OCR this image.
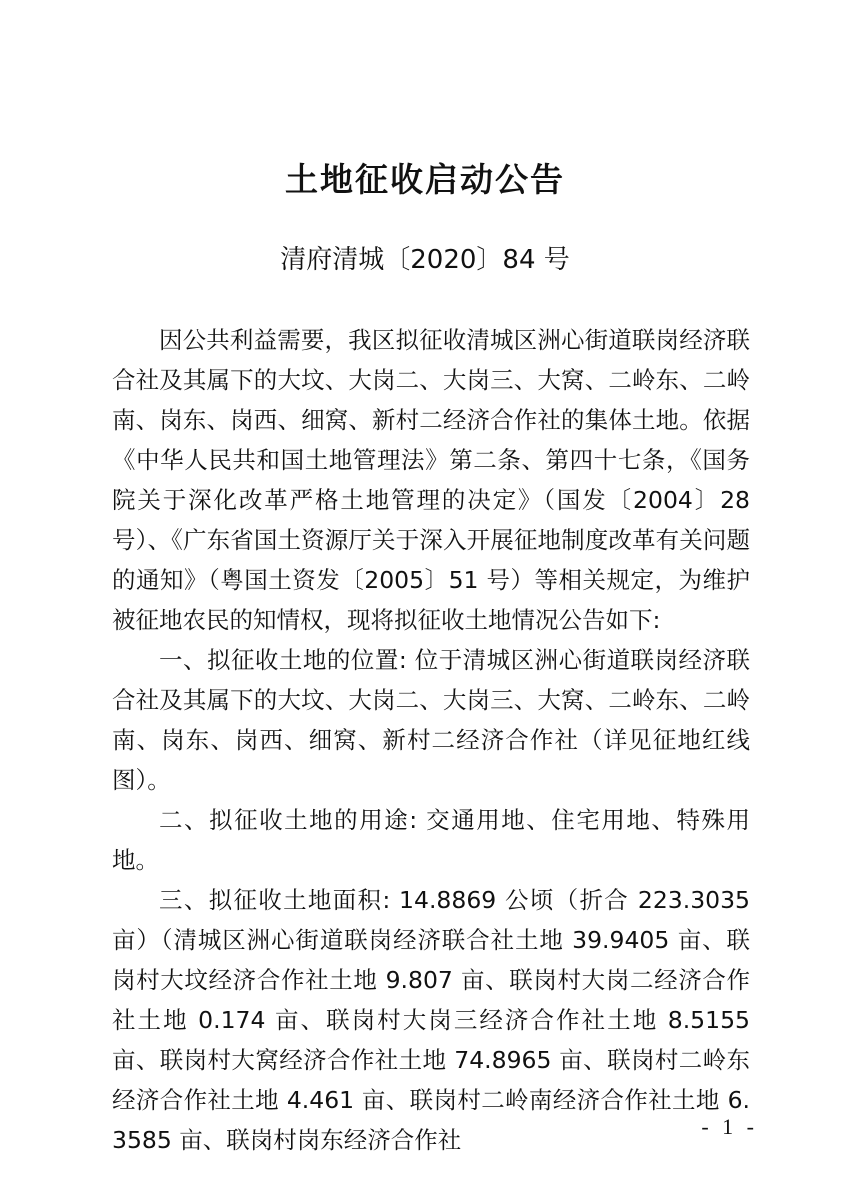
土地征收启动公告
清府清城〔2020〕84 号

因公共利益需要，我区拟征收清城区洲心街道联岗经济联合社及其属下的大坟、大岗二、大岗三、大窝、二岭东、二岭南、岗东、岗西、细窝、新村二经济合作社的集体土地。依据《中华人民共和国土地管理法》第二条、第四十七条，《国务院关于深化改革严格土地管理的决定》（国发〔2004〕28 号）、《广东省国土资源厅关于深入开展征地制度改革有关问题的通知》（粤国土资发〔2005〕51 号）等相关规定，为维护被征地农民的知情权，现将拟征收土地情况公告如下:

一、拟征收土地的位置: 位于清城区洲心街道联岗经济联合社及其属下的大坟、大岗二、大岗三、大窝、二岭东、二岭南、岗东、岗西、细窝、新村二经济合作社（详见征地红线图）。

二、拟征收土地的用途: 交通用地、住宅用地、特殊用地。

三、拟征收土地面积: 14.8869 公顷（折合 223.3035 亩）（清城区洲心街道联岗经济联合社土地 39.9405 亩、联岗村大坟经济合作社土地 9.807 亩、联岗村大岗二经济合作社土地 0.174 亩、联岗村大岗三经济合作社土地 8.5155 亩、联岗村大窝经济合作社土地 74.8965 亩、联岗村二岭东经济合作社土地 4.461 亩、联岗村二岭南经济合作社土地 6.3585 亩、联岗村岗东经济合作社	- 1 -
